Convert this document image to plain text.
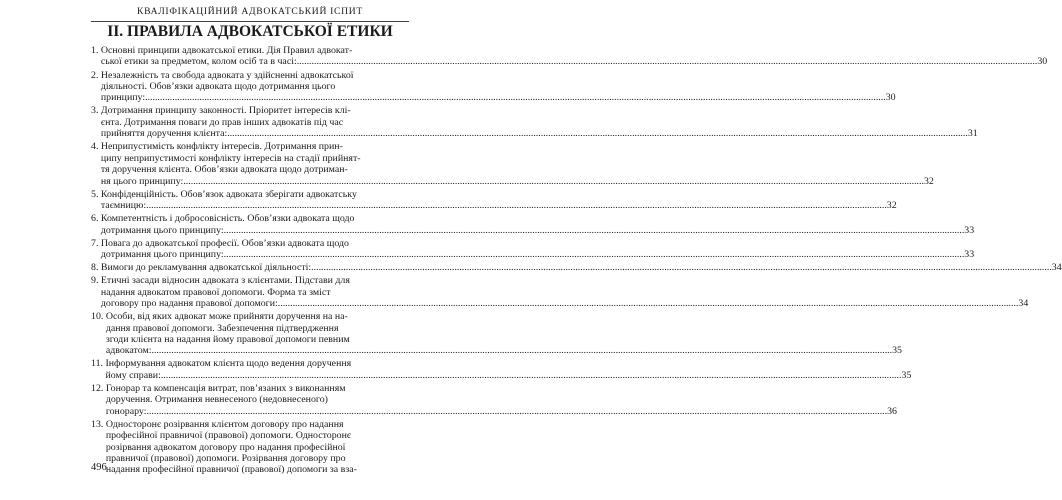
КВАЛІФІКАЦІЙНИЙ АДВОКАТСЬКИЙ ІСПИТ
II. ПРАВИЛА АДВОКАТСЬКОЇ ЕТИКИ
1. Основні принципи адвокатської етики. Дія Правил адвокат-
ської етики за предметом, колом осіб та в часі: ............................................................................................................................................................................................................................................................................................................ 30
2. Незалежність та свобода адвоката у здійсненні адвокатської
діяльності. Обов’язки адвоката щодо дотримання цього
принципу: ............................................................................................................................................................................................................................................................................................................ 30
3. Дотримання принципу законності. Пріоритет інтересів клі-
єнта. Дотримання поваги до прав інших адвокатів під час
прийняття доручення клієнта: ............................................................................................................................................................................................................................................................................................................ 31
4. Неприпустимість конфлікту інтересів. Дотримання прин-
ципу неприпустимості конфлікту інтересів на стадії прийнят-
тя доручення клієнта. Обов’язки адвоката щодо дотриман-
ня цього принципу: ............................................................................................................................................................................................................................................................................................................ 32
5. Конфіденційність. Обов’язок адвоката зберігати адвокатську
таємницю: ............................................................................................................................................................................................................................................................................................................ 32
6. Компетентність і добросовісність. Обов’язки адвоката щодо
дотримання цього принципу: ............................................................................................................................................................................................................................................................................................................ 33
7. Повага до адвокатської професії. Обов’язки адвоката щодо
дотримання цього принципу: ............................................................................................................................................................................................................................................................................................................ 33
8. Вимоги до рекламування адвокатської діяльності: ............................................................................................................................................................................................................................................................................................................ 34
9. Етичні засади відносин адвоката з клієнтами. Підстави для
надання адвокатом правової допомоги. Форма та зміст
договору про надання правової допомоги: ............................................................................................................................................................................................................................................................................................................ 34
10. Особи, від яких адвокат може прийняти доручення на на-
дання правової допомоги. Забезпечення підтвердження
згоди клієнта на надання йому правової допомоги певним
адвокатом: ............................................................................................................................................................................................................................................................................................................ 35
11. Інформування адвокатом клієнта щодо ведення доручення
йому справи: ............................................................................................................................................................................................................................................................................................................ 35
12. Гонорар та компенсація витрат, пов’язаних з виконанням
доручення. Отримання невнесеного (недовнесеного)
гонорару: ............................................................................................................................................................................................................................................................................................................ 36
13. Односторонє розірвання клієнтом договору про надання
професійної правничої (правової) допомоги. Односторонє
розірвання адвокатом договору про надання професійної
правничої (правової) допомоги. Розірвання договору про
надання професійної правничої (правової) допомоги за вза-
496
